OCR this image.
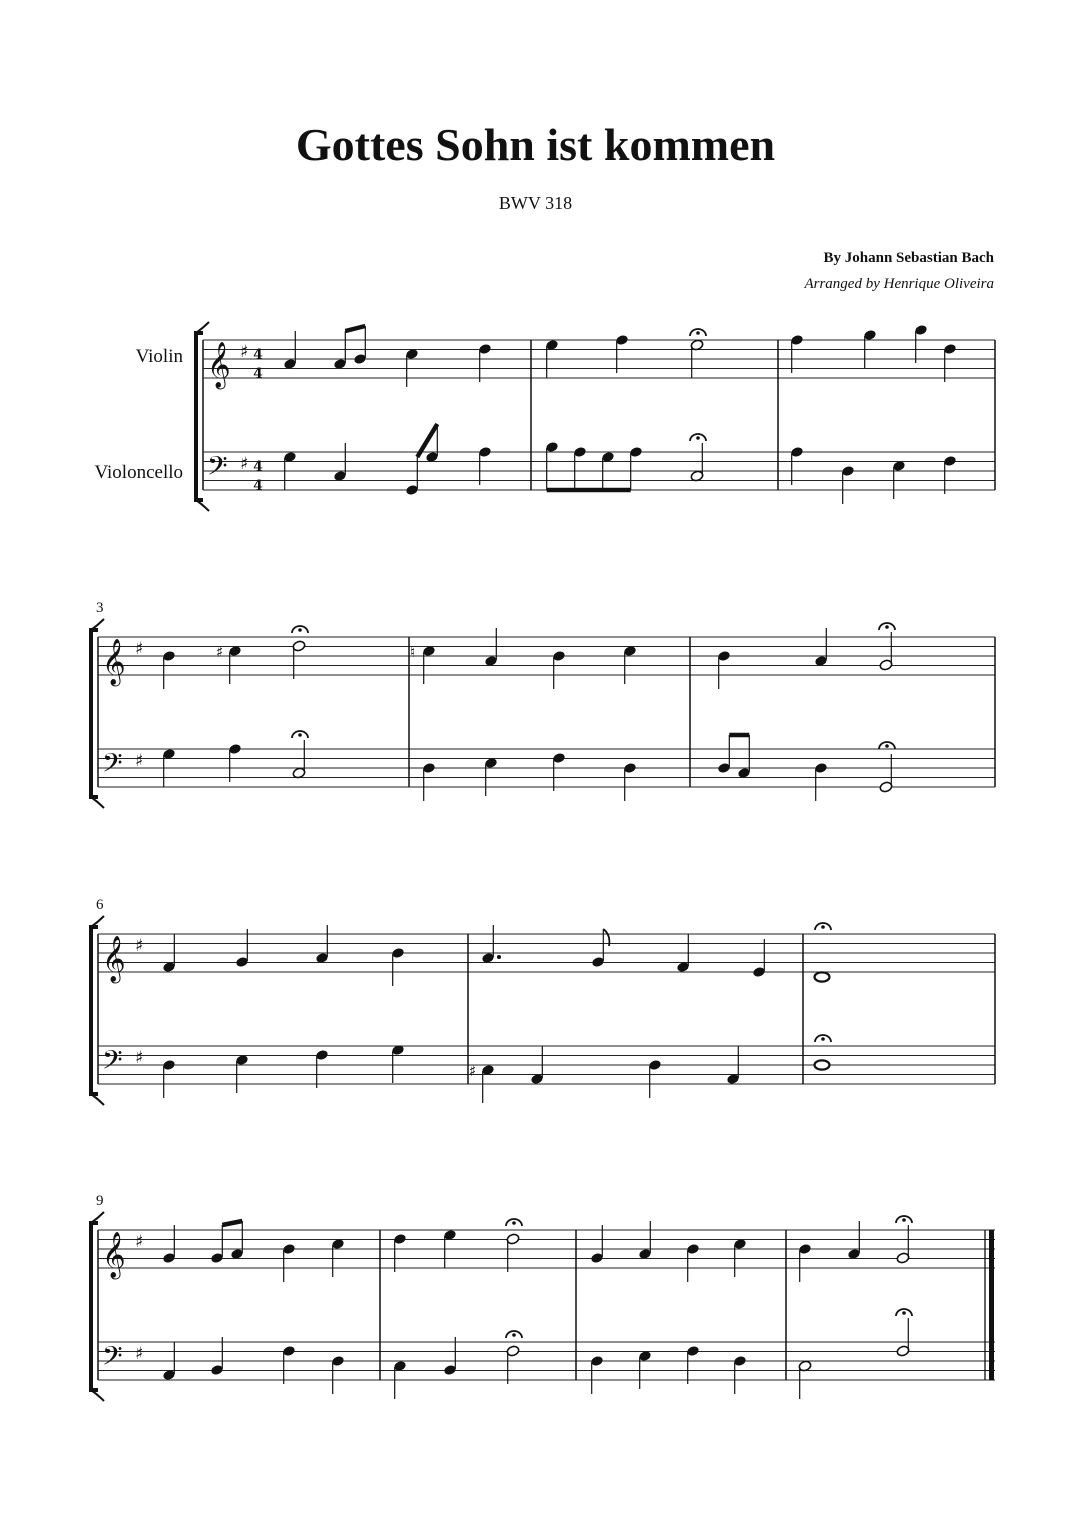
Gottes Sohn ist kommen
BWV 318
By Johann Sebastian Bach
Arranged by Henrique Oliveira
Violin
Violoncello
3
6
9
𝄞 ♯ 4
4
𝄢 ♯ 4
4
𝄞 ♯
𝄢 ♯
♯	♮
𝄞 ♯
𝄢 ♯
♯
𝄞 ♯
𝄢 ♯
